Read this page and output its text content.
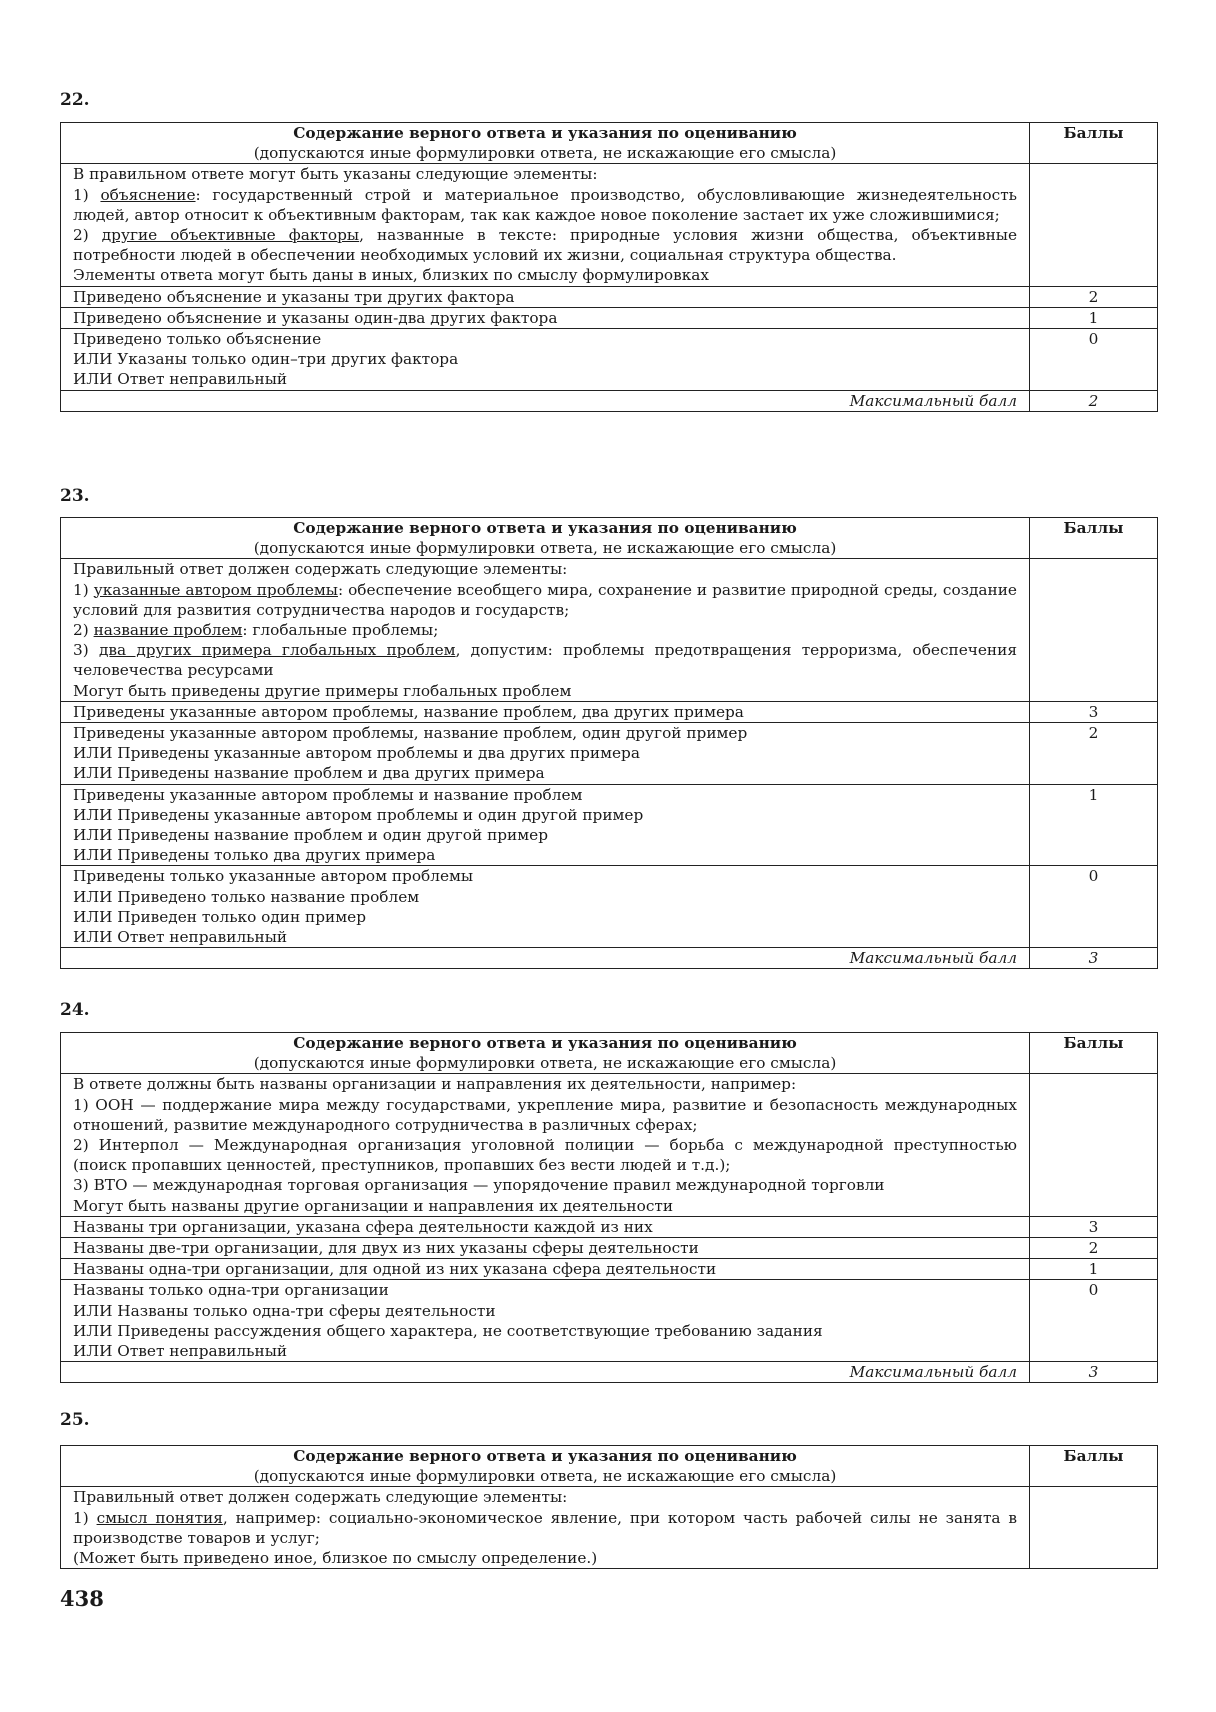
22.
Содержание верного ответа и указания по оцениванию
(допускаются иные формулировки ответа, не искажающие его смысла)	Баллы

В правильном ответе могут быть указаны следующие элементы:
1) объяснение: государственный строй и материальное производство, обусловливающие жизнедеятельность людей, автор относит к объективным факторам, так как каждое новое поколение застает их уже сложившимися;
2) другие объективные факторы, названные в тексте: природные условия жизни общества, объективные потребности людей в обеспечении необходимых условий их жизни, социальная структура общества.
Элементы ответа могут быть даны в иных, близких по смыслу формулировках	

Приведено объяснение и указаны три других фактора	2

Приведено объяснение и указаны один-два других фактора	1

Приведено только объяснение
ИЛИ Указаны только один–три других фактора
ИЛИ Ответ неправильный	0
Максимальный балл	2
23.
Содержание верного ответа и указания по оцениванию
(допускаются иные формулировки ответа, не искажающие его смысла)	Баллы

Правильный ответ должен содержать следующие элементы:
1) указанные автором проблемы: обеспечение всеобщего мира, сохранение и развитие природной среды, создание условий для развития сотрудничества народов и государств;
2) название проблем: глобальные проблемы;
3) два других примера глобальных проблем, допустим: проблемы предотвращения терроризма, обеспечения человечества ресурсами
Могут быть приведены другие примеры глобальных проблем	

Приведены указанные автором проблемы, название проблем, два других примера	3

Приведены указанные автором проблемы, название проблем, один другой пример
ИЛИ Приведены указанные автором проблемы и два других примера
ИЛИ Приведены название проблем и два других примера	2

Приведены указанные автором проблемы и название проблем
ИЛИ Приведены указанные автором проблемы и один другой пример
ИЛИ Приведены название проблем и один другой пример
ИЛИ Приведены только два других примера	1

Приведены только указанные автором проблемы
ИЛИ Приведено только название проблем
ИЛИ Приведен только один пример
ИЛИ Ответ неправильный	0
Максимальный балл	3
24.
Содержание верного ответа и указания по оцениванию
(допускаются иные формулировки ответа, не искажающие его смысла)	Баллы

В ответе должны быть названы организации и направления их деятельности, например:
1) ООН — поддержание мира между государствами, укрепление мира, развитие и безопасность международных отношений, развитие международного сотрудничества в различных сферах;
2) Интерпол — Международная организация уголовной полиции — борьба с международной преступностью (поиск пропавших ценностей, преступников, пропавших без вести людей и т.д.);
3) ВТО — международная торговая организация — упорядочение правил международной торговли
Могут быть названы другие организации и направления их деятельности	

Названы три организации, указана сфера деятельности каждой из них	3

Названы две-три организации, для двух из них указаны сферы деятельности	2

Названы одна-три организации, для одной из них указана сфера деятельности	1

Названы только одна-три организации
ИЛИ Названы только одна-три сферы деятельности
ИЛИ Приведены рассуждения общего характера, не соответствующие требованию задания
ИЛИ Ответ неправильный	0
Максимальный балл	3
25.
Содержание верного ответа и указания по оцениванию
(допускаются иные формулировки ответа, не искажающие его смысла)	Баллы

Правильный ответ должен содержать следующие элементы:
1) смысл понятия, например: социально-экономическое явление, при котором часть рабочей силы не занята в производстве товаров и услуг;
(Может быть приведено иное, близкое по смыслу определение.)	

438
